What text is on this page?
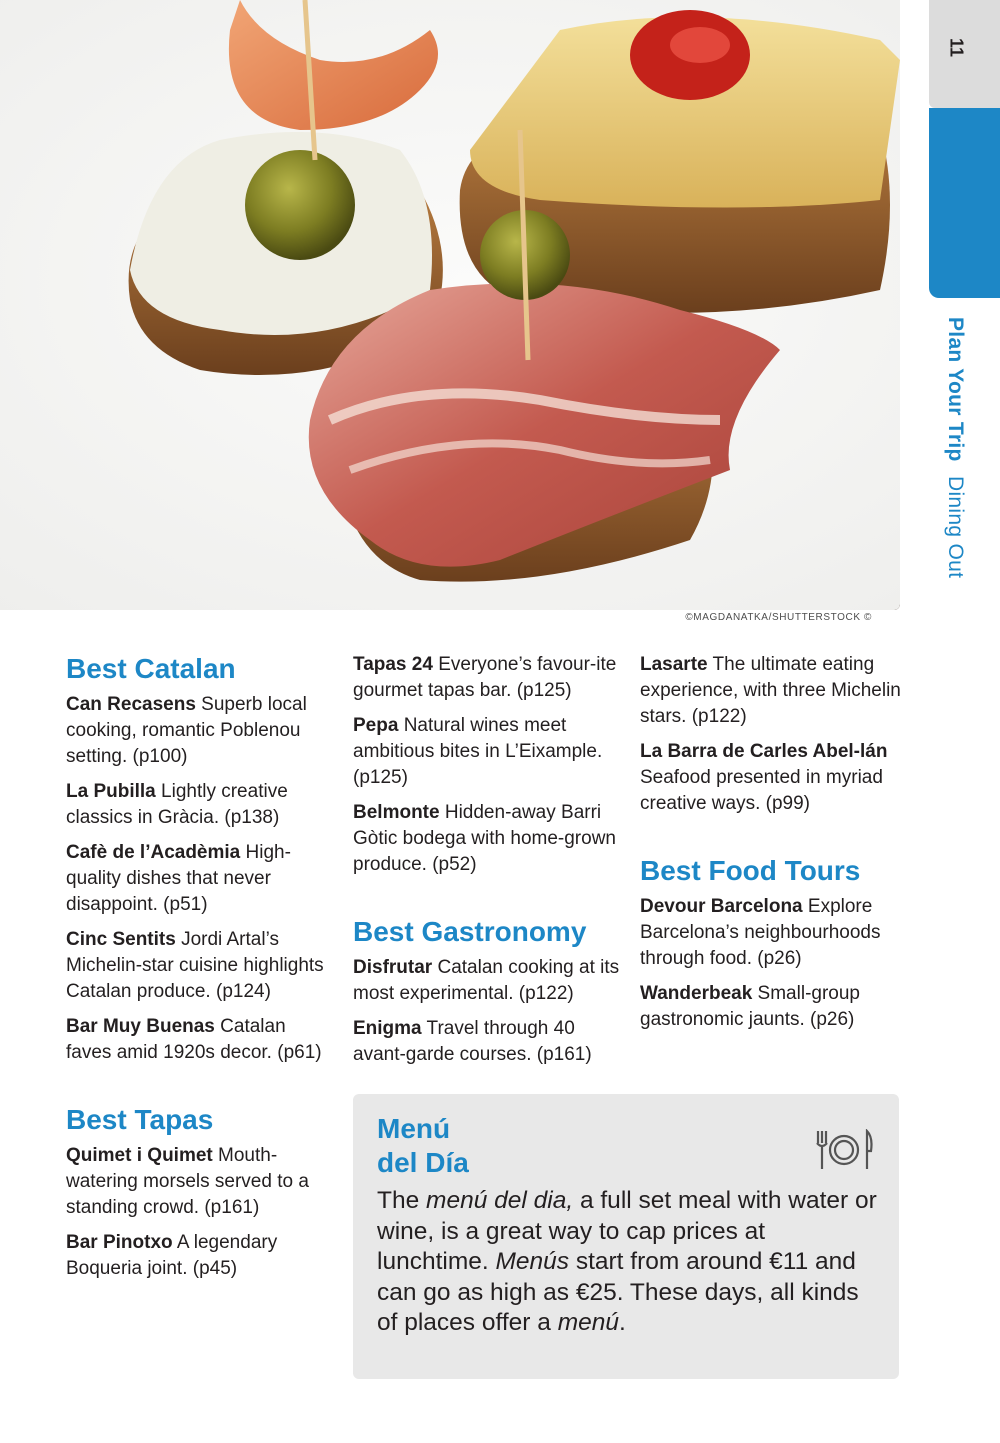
©MAGDANATKA/SHUTTERSTOCK ©
11
Plan Your Trip Dining Out
Best Catalan
Can Recasens Superb local cooking, romantic Poblenou setting. (p100)
La Pubilla Lightly creative classics in Gràcia. (p138)
Cafè de l’Acadèmia High-quality dishes that never disappoint. (p51)
Cinc Sentits Jordi Artal’s Michelin-star cuisine highlights Catalan produce. (p124)
Bar Muy Buenas Catalan faves amid 1920s decor. (p61)
Best Tapas
Quimet i Quimet Mouth-watering morsels served to a standing crowd. (p161)
Bar Pinotxo A legendary Boqueria joint. (p45)
Tapas 24 Everyone’s favour-ite gourmet tapas bar. (p125)
Pepa Natural wines meet ambitious bites in L’Eixample. (p125)
Belmonte Hidden-away Barri Gòtic bodega with home-grown produce. (p52)
Best Gastronomy
Disfrutar Catalan cooking at its most experimental. (p122)
Enigma Travel through 40 avant-garde courses. (p161)
Lasarte The ultimate eating experience, with three Michelin stars. (p122)
La Barra de Carles Abel-lán Seafood presented in myriad creative ways. (p99)
Best Food Tours
Devour Barcelona Explore Barcelona’s neighbourhoods through food. (p26)
Wanderbeak Small-group gastronomic jaunts. (p26)
Menú
del Día
The menú del dia, a full set meal with water or wine, is a great way to cap prices at lunchtime. Menús start from around €11 and can go as high as €25. These days, all kinds of places offer a menú.
